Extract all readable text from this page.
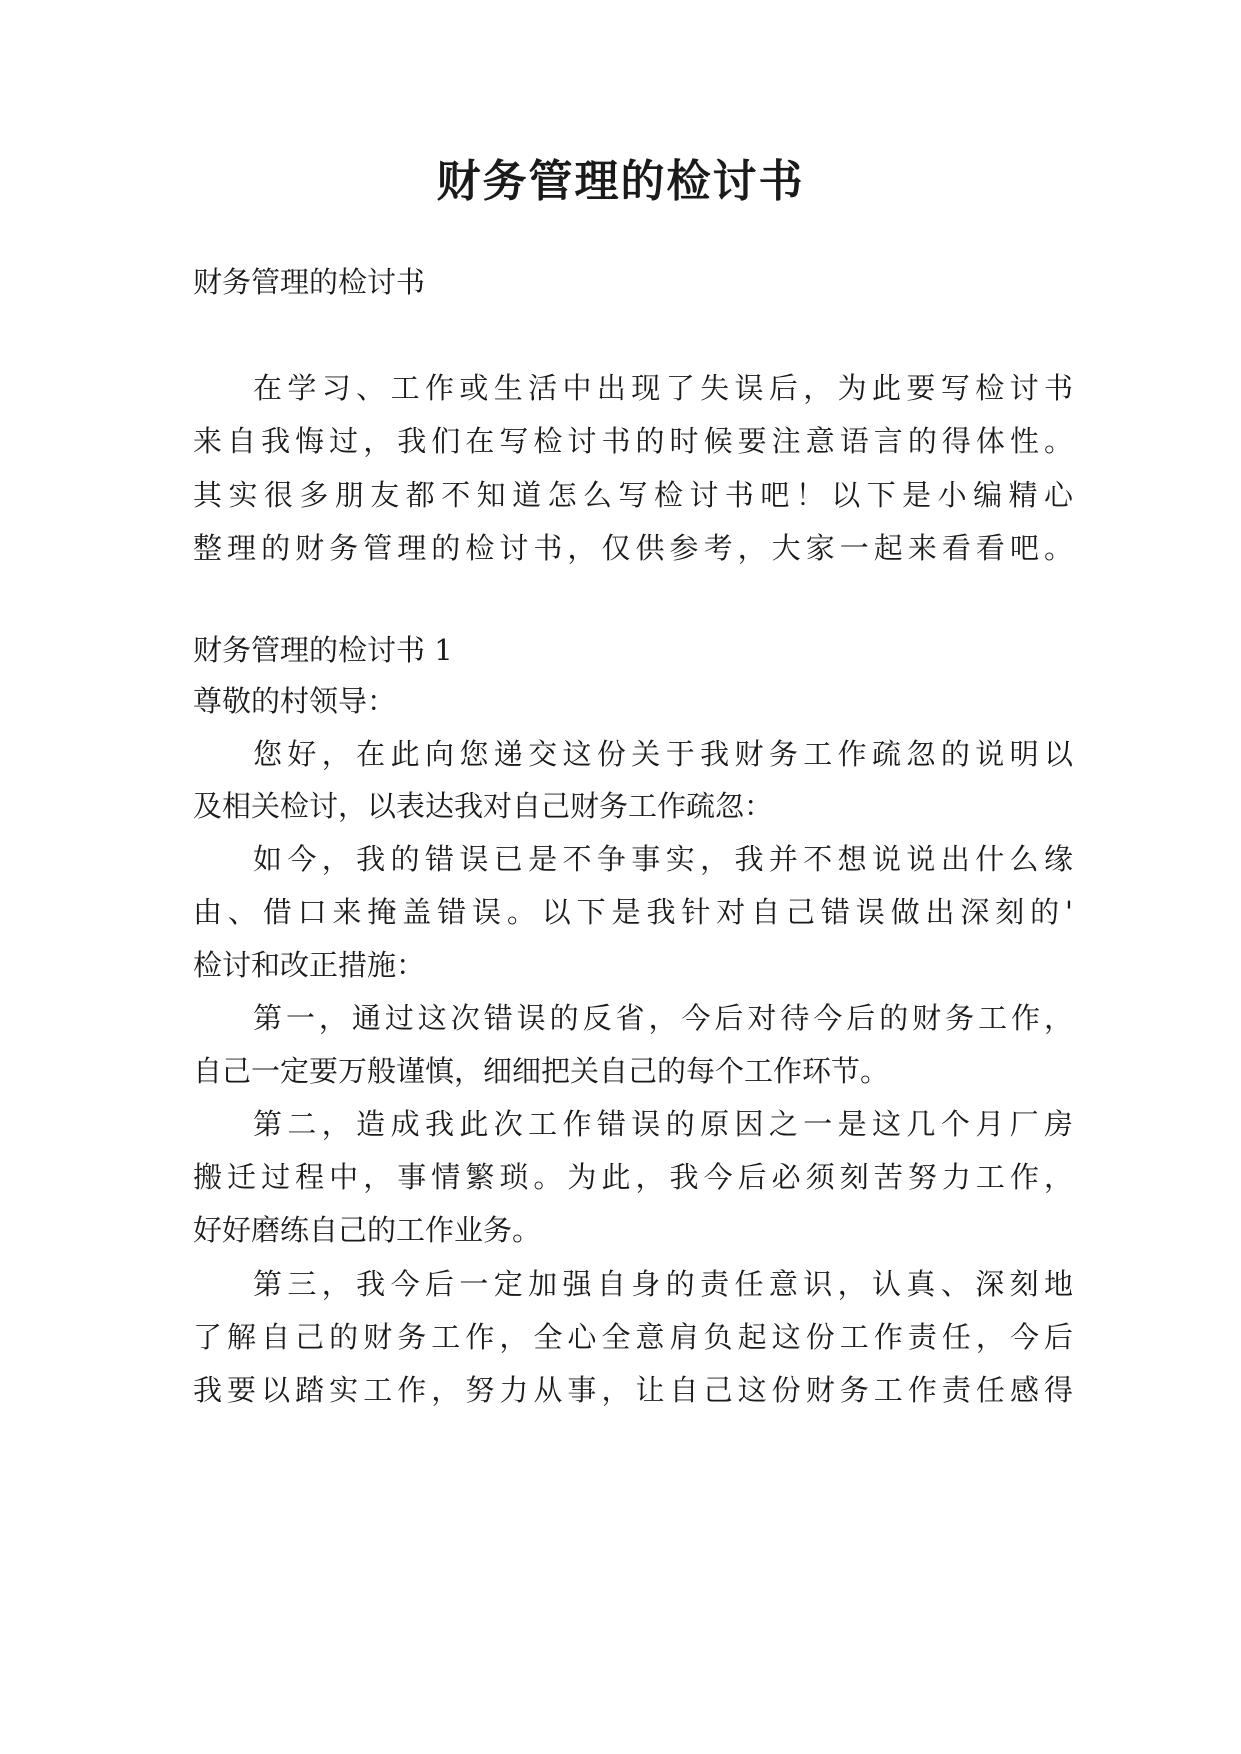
财务管理的检讨书

财务管理的检讨书

在学习、工作或生活中出现了失误后，为此要写检讨书

来自我悔过，我们在写检讨书的时候要注意语言的得体性。

其实很多朋友都不知道怎么写检讨书吧！以下是小编精心

整理的财务管理的检讨书，仅供参考，大家一起来看看吧。

财务管理的检讨书 1

尊敬的村领导：

您好，在此向您递交这份关于我财务工作疏忽的说明以

及相关检讨，以表达我对自己财务工作疏忽：

如今，我的错误已是不争事实，我并不想说说出什么缘

由、借口来掩盖错误。以下是我针对自己错误做出深刻的'

检讨和改正措施：

第一，通过这次错误的反省，今后对待今后的财务工作，

自己一定要万般谨慎，细细把关自己的每个工作环节。

第二，造成我此次工作错误的原因之一是这几个月厂房

搬迁过程中，事情繁琐。为此，我今后必须刻苦努力工作，

好好磨练自己的工作业务。

第三，我今后一定加强自身的责任意识，认真、深刻地

了解自己的财务工作，全心全意肩负起这份工作责任，今后

我要以踏实工作，努力从事，让自己这份财务工作责任感得
